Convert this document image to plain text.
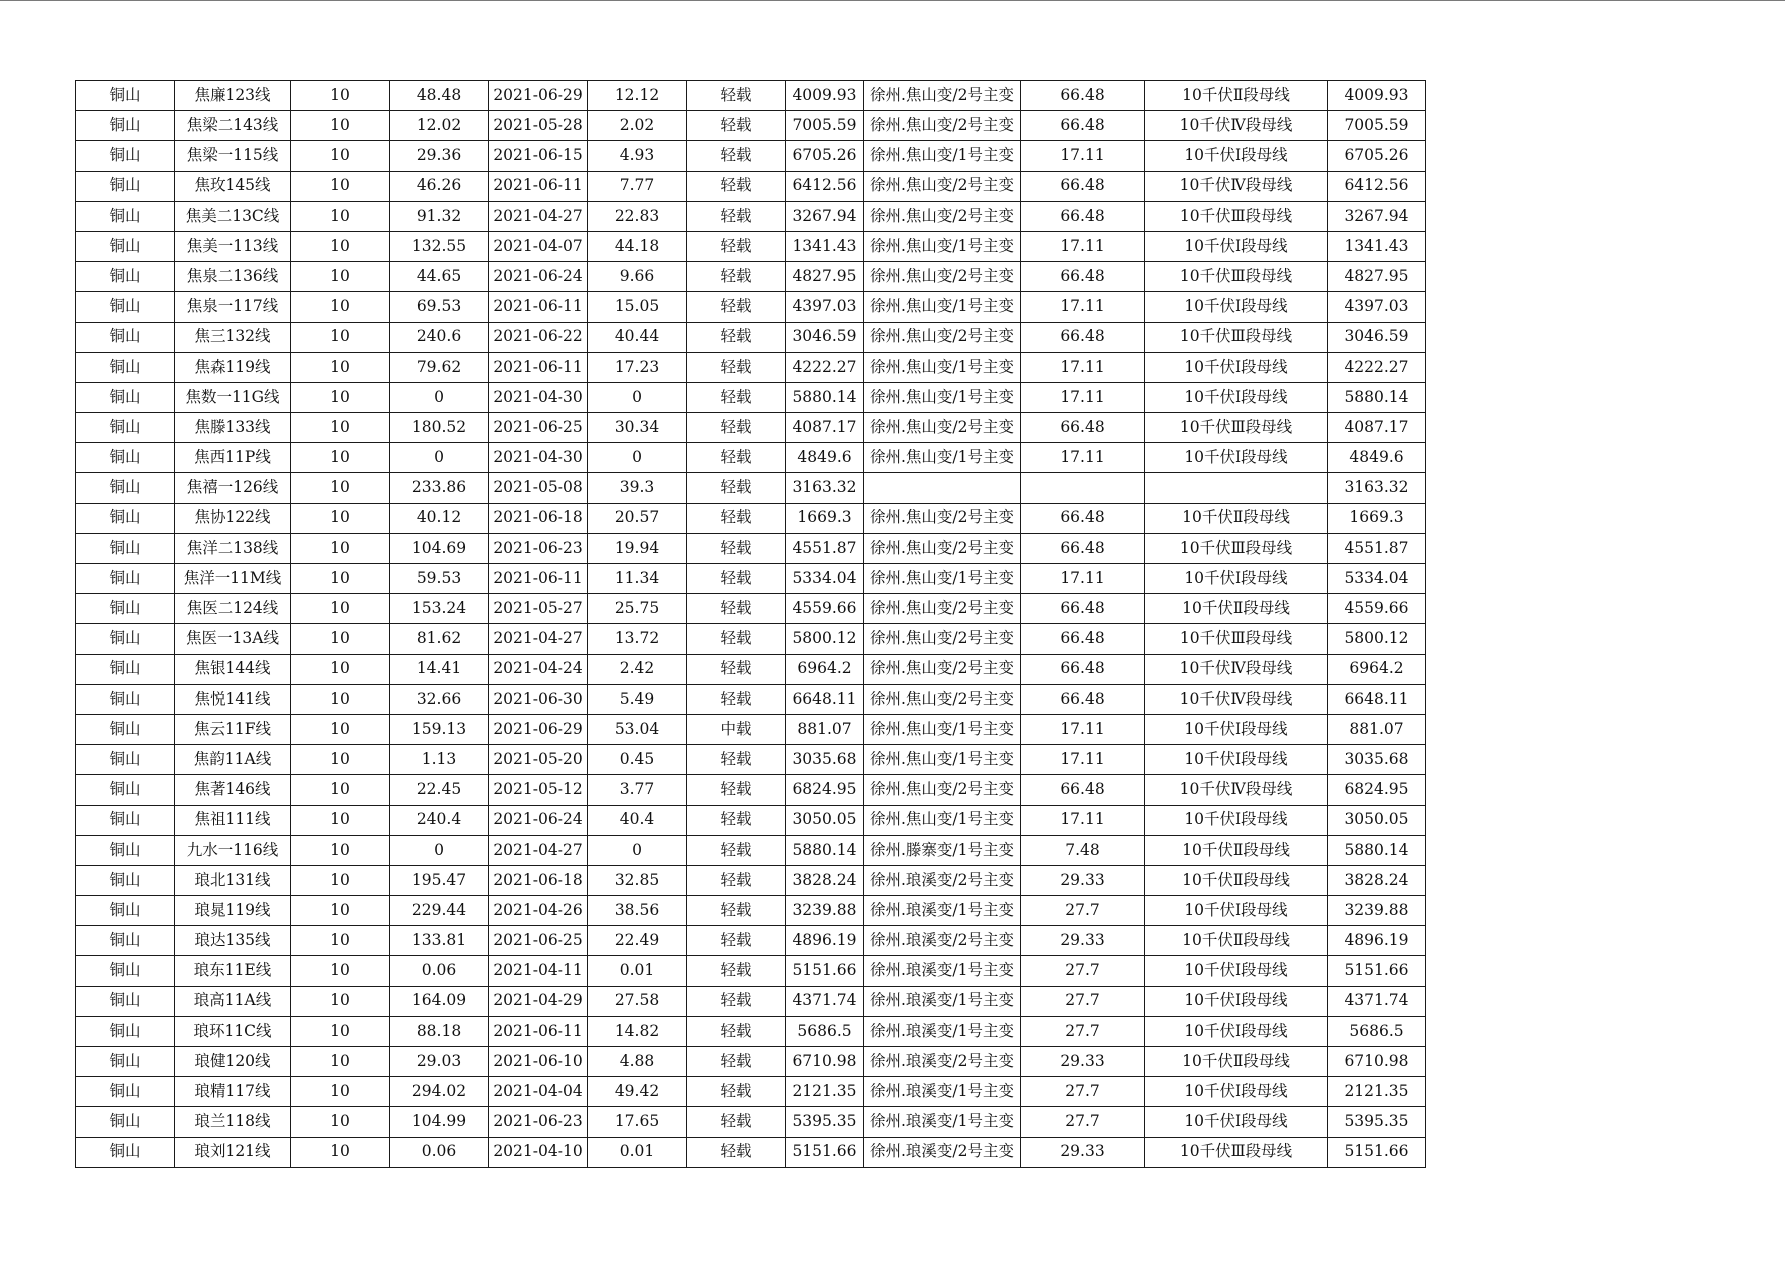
铜山	焦廉123线	10	48.48	2021-06-29	12.12	轻载	4009.93	徐州.焦山变/2号主变	66.48	10千伏Ⅱ段母线	4009.93
铜山	焦梁二143线	10	12.02	2021-05-28	2.02	轻载	7005.59	徐州.焦山变/2号主变	66.48	10千伏Ⅳ段母线	7005.59
铜山	焦梁一115线	10	29.36	2021-06-15	4.93	轻载	6705.26	徐州.焦山变/1号主变	17.11	10千伏Ⅰ段母线	6705.26
铜山	焦玫145线	10	46.26	2021-06-11	7.77	轻载	6412.56	徐州.焦山变/2号主变	66.48	10千伏Ⅳ段母线	6412.56
铜山	焦美二13C线	10	91.32	2021-04-27	22.83	轻载	3267.94	徐州.焦山变/2号主变	66.48	10千伏Ⅲ段母线	3267.94
铜山	焦美一113线	10	132.55	2021-04-07	44.18	轻载	1341.43	徐州.焦山变/1号主变	17.11	10千伏Ⅰ段母线	1341.43
铜山	焦泉二136线	10	44.65	2021-06-24	9.66	轻载	4827.95	徐州.焦山变/2号主变	66.48	10千伏Ⅲ段母线	4827.95
铜山	焦泉一117线	10	69.53	2021-06-11	15.05	轻载	4397.03	徐州.焦山变/1号主变	17.11	10千伏Ⅰ段母线	4397.03
铜山	焦三132线	10	240.6	2021-06-22	40.44	轻载	3046.59	徐州.焦山变/2号主变	66.48	10千伏Ⅲ段母线	3046.59
铜山	焦森119线	10	79.62	2021-06-11	17.23	轻载	4222.27	徐州.焦山变/1号主变	17.11	10千伏Ⅰ段母线	4222.27
铜山	焦数一11G线	10	0	2021-04-30	0	轻载	5880.14	徐州.焦山变/1号主变	17.11	10千伏Ⅰ段母线	5880.14
铜山	焦滕133线	10	180.52	2021-06-25	30.34	轻载	4087.17	徐州.焦山变/2号主变	66.48	10千伏Ⅲ段母线	4087.17
铜山	焦西11P线	10	0	2021-04-30	0	轻载	4849.6	徐州.焦山变/1号主变	17.11	10千伏Ⅰ段母线	4849.6
铜山	焦禧一126线	10	233.86	2021-05-08	39.3	轻载	3163.32				3163.32
铜山	焦协122线	10	40.12	2021-06-18	20.57	轻载	1669.3	徐州.焦山变/2号主变	66.48	10千伏Ⅱ段母线	1669.3
铜山	焦洋二138线	10	104.69	2021-06-23	19.94	轻载	4551.87	徐州.焦山变/2号主变	66.48	10千伏Ⅲ段母线	4551.87
铜山	焦洋一11M线	10	59.53	2021-06-11	11.34	轻载	5334.04	徐州.焦山变/1号主变	17.11	10千伏Ⅰ段母线	5334.04
铜山	焦医二124线	10	153.24	2021-05-27	25.75	轻载	4559.66	徐州.焦山变/2号主变	66.48	10千伏Ⅱ段母线	4559.66
铜山	焦医一13A线	10	81.62	2021-04-27	13.72	轻载	5800.12	徐州.焦山变/2号主变	66.48	10千伏Ⅲ段母线	5800.12
铜山	焦银144线	10	14.41	2021-04-24	2.42	轻载	6964.2	徐州.焦山变/2号主变	66.48	10千伏Ⅳ段母线	6964.2
铜山	焦悦141线	10	32.66	2021-06-30	5.49	轻载	6648.11	徐州.焦山变/2号主变	66.48	10千伏Ⅳ段母线	6648.11
铜山	焦云11F线	10	159.13	2021-06-29	53.04	中载	881.07	徐州.焦山变/1号主变	17.11	10千伏Ⅰ段母线	881.07
铜山	焦韵11A线	10	1.13	2021-05-20	0.45	轻载	3035.68	徐州.焦山变/1号主变	17.11	10千伏Ⅰ段母线	3035.68
铜山	焦著146线	10	22.45	2021-05-12	3.77	轻载	6824.95	徐州.焦山变/2号主变	66.48	10千伏Ⅳ段母线	6824.95
铜山	焦祖111线	10	240.4	2021-06-24	40.4	轻载	3050.05	徐州.焦山变/1号主变	17.11	10千伏Ⅰ段母线	3050.05
铜山	九水一116线	10	0	2021-04-27	0	轻载	5880.14	徐州.滕寨变/1号主变	7.48	10千伏Ⅱ段母线	5880.14
铜山	琅北131线	10	195.47	2021-06-18	32.85	轻载	3828.24	徐州.琅溪变/2号主变	29.33	10千伏Ⅱ段母线	3828.24
铜山	琅晁119线	10	229.44	2021-04-26	38.56	轻载	3239.88	徐州.琅溪变/1号主变	27.7	10千伏Ⅰ段母线	3239.88
铜山	琅达135线	10	133.81	2021-06-25	22.49	轻载	4896.19	徐州.琅溪变/2号主变	29.33	10千伏Ⅱ段母线	4896.19
铜山	琅东11E线	10	0.06	2021-04-11	0.01	轻载	5151.66	徐州.琅溪变/1号主变	27.7	10千伏Ⅰ段母线	5151.66
铜山	琅高11A线	10	164.09	2021-04-29	27.58	轻载	4371.74	徐州.琅溪变/1号主变	27.7	10千伏Ⅰ段母线	4371.74
铜山	琅环11C线	10	88.18	2021-06-11	14.82	轻载	5686.5	徐州.琅溪变/1号主变	27.7	10千伏Ⅰ段母线	5686.5
铜山	琅健120线	10	29.03	2021-06-10	4.88	轻载	6710.98	徐州.琅溪变/2号主变	29.33	10千伏Ⅱ段母线	6710.98
铜山	琅精117线	10	294.02	2021-04-04	49.42	轻载	2121.35	徐州.琅溪变/1号主变	27.7	10千伏Ⅰ段母线	2121.35
铜山	琅兰118线	10	104.99	2021-06-23	17.65	轻载	5395.35	徐州.琅溪变/1号主变	27.7	10千伏Ⅰ段母线	5395.35
铜山	琅刘121线	10	0.06	2021-04-10	0.01	轻载	5151.66	徐州.琅溪变/2号主变	29.33	10千伏Ⅲ段母线	5151.66
